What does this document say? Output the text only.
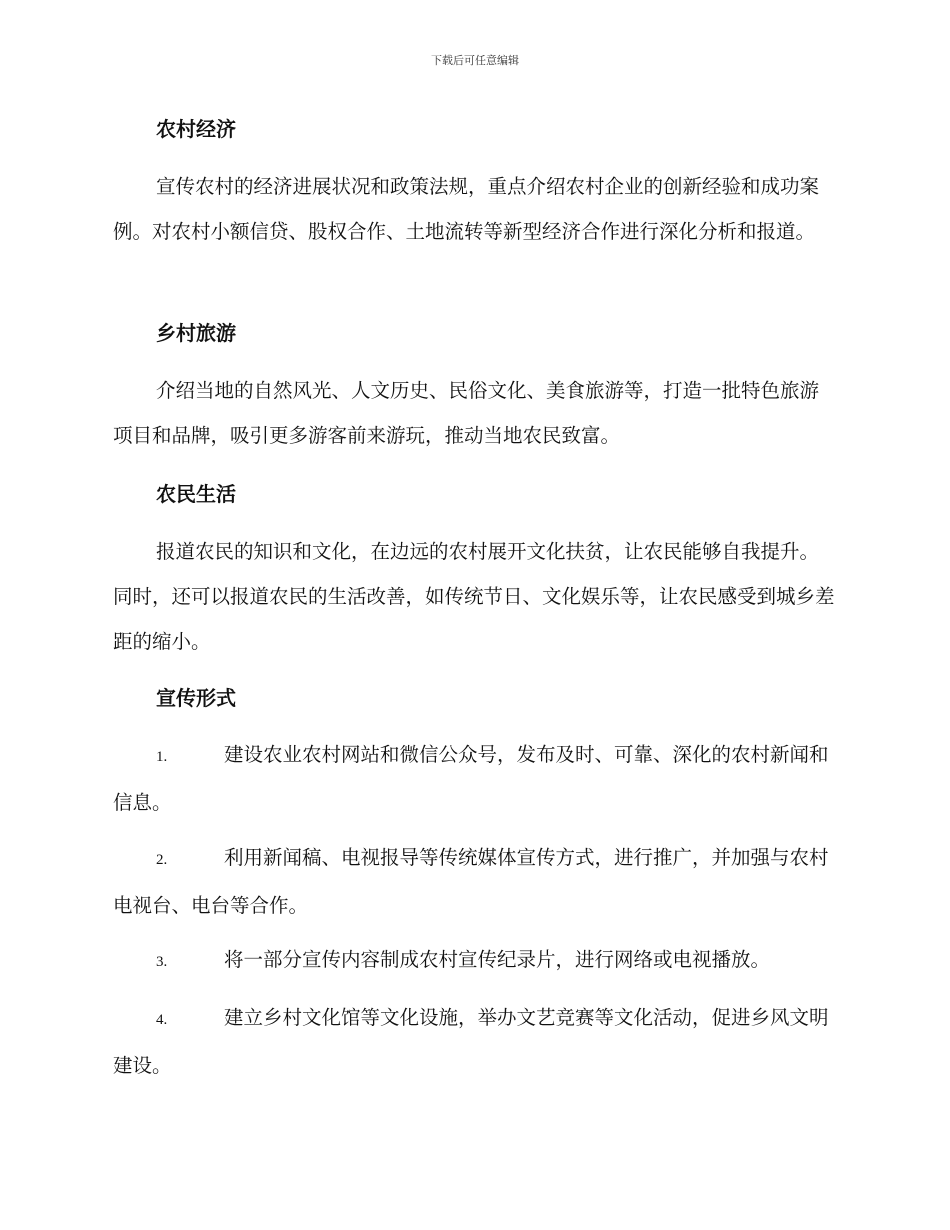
下载后可任意编辑
农村经济

宣传农村的经济进展状况和政策法规，重点介绍农村企业的创新经验和成功案例。对农村小额信贷、股权合作、土地流转等新型经济合作进行深化分析和报道。

乡村旅游

介绍当地的自然风光、人文历史、民俗文化、美食旅游等，打造一批特色旅游项目和品牌，吸引更多游客前来游玩，推动当地农民致富。

农民生活

报道农民的知识和文化，在边远的农村展开文化扶贫，让农民能够自我提升。同时，还可以报道农民的生活改善，如传统节日、文化娱乐等，让农民感受到城乡差距的缩小。

宣传形式

1.	建设农业农村网站和微信公众号，发布及时、可靠、深化的农村新闻和信息。

2.	利用新闻稿、电视报导等传统媒体宣传方式，进行推广，并加强与农村电视台、电台等合作。

3.	将一部分宣传内容制成农村宣传纪录片，进行网络或电视播放。

4.	建立乡村文化馆等文化设施，举办文艺竞赛等文化活动，促进乡风文明建设。
